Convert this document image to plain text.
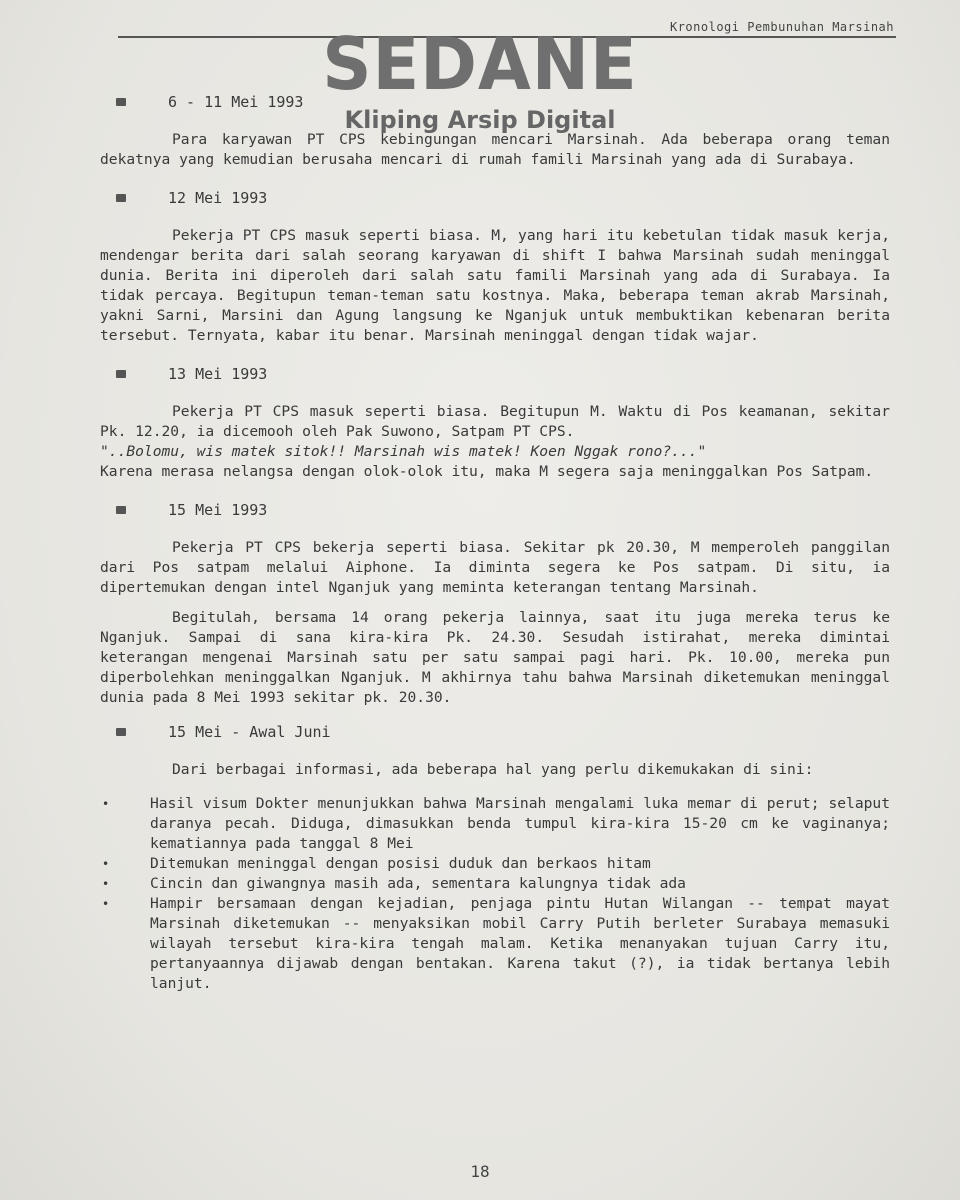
Kronologi Pembunuhan Marsinah
SEDANE
Kliping Arsip Digital
6 - 11 Mei 1993

Para karyawan PT CPS kebingungan mencari Marsinah. Ada beberapa orang teman dekatnya yang kemudian berusaha mencari di rumah famili Marsinah yang ada di Surabaya.

12 Mei 1993

Pekerja PT CPS masuk seperti biasa. M, yang hari itu kebetulan tidak masuk kerja, mendengar berita dari salah seorang karyawan di shift I bahwa Marsinah sudah meninggal dunia. Berita ini diperoleh dari salah satu famili Marsinah yang ada di Surabaya. Ia tidak percaya. Begitupun teman-teman satu kostnya. Maka, beberapa teman akrab Marsinah, yakni Sarni, Marsini dan Agung langsung ke Nganjuk untuk membuktikan kebenaran berita tersebut. Ternyata, kabar itu benar. Marsinah meninggal dengan tidak wajar.

13 Mei 1993

Pekerja PT CPS masuk seperti biasa. Begitupun M. Waktu di Pos keamanan, sekitar Pk. 12.20, ia dicemooh oleh Pak Suwono, Satpam PT CPS.

"..Bolomu, wis matek sitok!! Marsinah wis matek! Koen Nggak rono?..."

Karena merasa nelangsa dengan olok-olok itu, maka M segera saja meninggalkan Pos Satpam.

15 Mei 1993

Pekerja PT CPS bekerja seperti biasa. Sekitar pk 20.30, M memperoleh panggilan dari Pos satpam melalui Aiphone. Ia diminta segera ke Pos satpam. Di situ, ia dipertemukan dengan intel Nganjuk yang meminta keterangan tentang Marsinah.

Begitulah, bersama 14 orang pekerja lainnya, saat itu juga mereka terus ke Nganjuk. Sampai di sana kira-kira Pk. 24.30. Sesudah istirahat, mereka dimintai keterangan mengenai Marsinah satu per satu sampai pagi hari. Pk. 10.00, mereka pun diperbolehkan meninggalkan Nganjuk. M akhirnya tahu bahwa Marsinah diketemukan meninggal dunia pada 8 Mei 1993 sekitar pk. 20.30.

15 Mei - Awal Juni

Dari berbagai informasi, ada beberapa hal yang perlu dikemukakan di sini:

•	Hasil visum Dokter menunjukkan bahwa Marsinah mengalami luka memar di perut; selaput daranya pecah. Diduga, dimasukkan benda tumpul kira-kira 15-20 cm ke vaginanya; kematiannya pada tanggal 8 Mei
•	Ditemukan meninggal dengan posisi duduk dan berkaos hitam
•	Cincin dan giwangnya masih ada, sementara kalungnya tidak ada
•	Hampir bersamaan dengan kejadian, penjaga pintu Hutan Wilangan -- tempat mayat Marsinah diketemukan -- menyaksikan mobil Carry Putih berleter Surabaya memasuki wilayah tersebut kira-kira tengah malam. Ketika menanyakan tujuan Carry itu, pertanyaannya dijawab dengan bentakan. Karena takut (?), ia tidak bertanya lebih lanjut.
18
